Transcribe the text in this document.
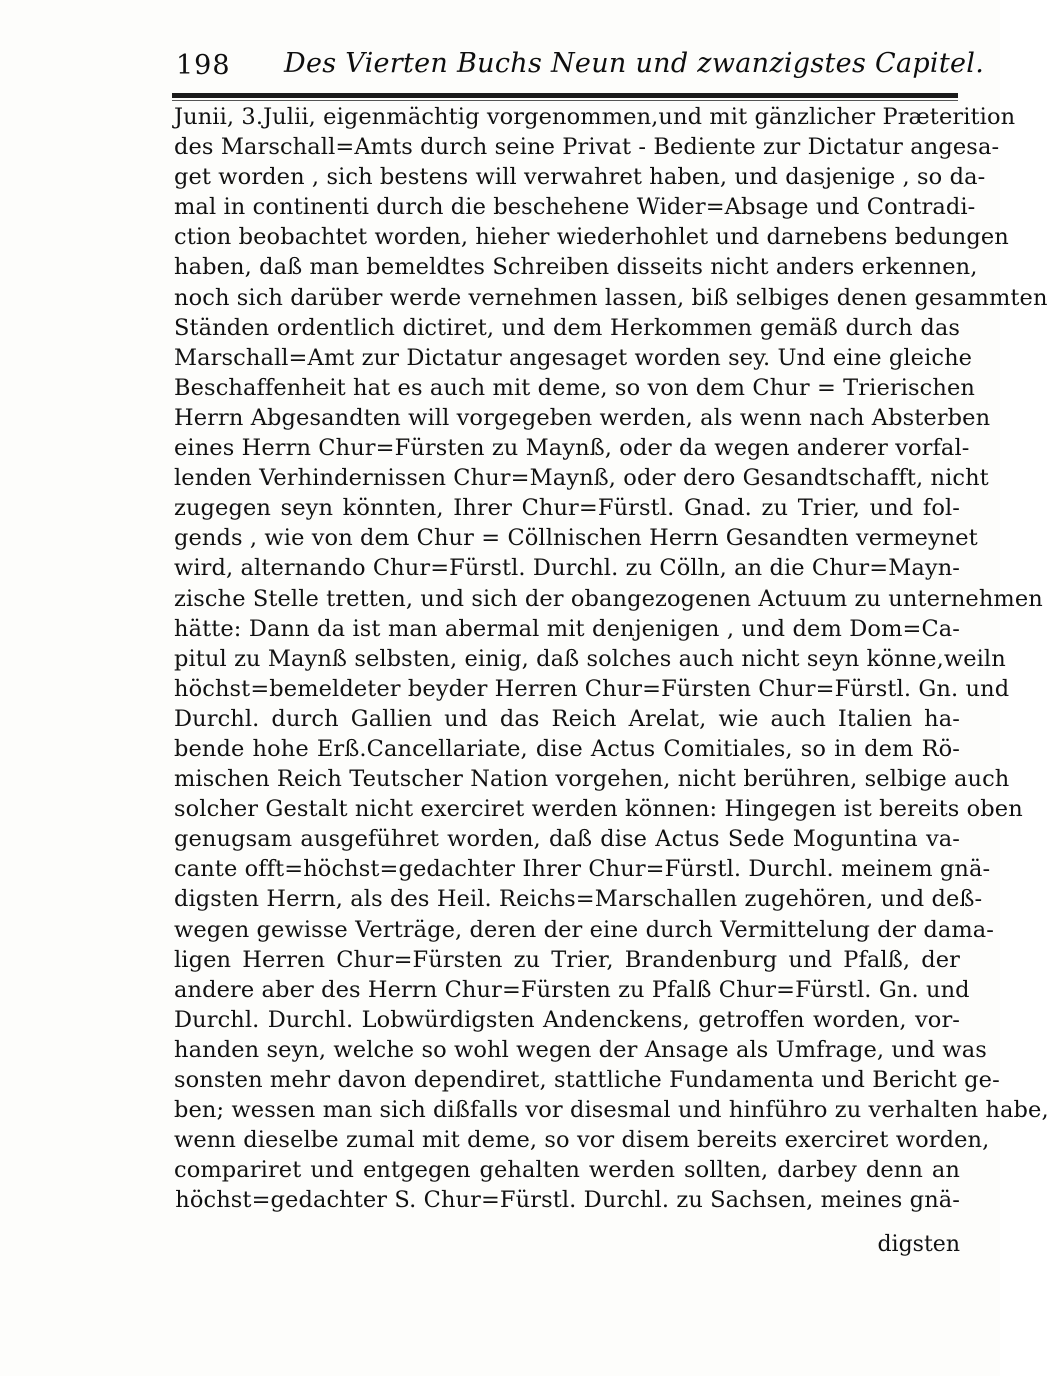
198 Des Vierten Buchs Neun und zwanzigstes Capitel.
Junii, 3.Julii, eigenmächtig vorgenommen,und mit gänzlicher Præterition
des Marschall=Amts durch seine Privat - Bediente zur Dictatur angesa-
get worden , sich bestens will verwahret haben, und dasjenige , so da-
mal in continenti durch die beschehene Wider=Absage und Contradi-
ction beobachtet worden, hieher wiederhohlet und darnebens bedungen
haben, daß man bemeldtes Schreiben disseits nicht anders erkennen,
noch sich darüber werde vernehmen lassen, biß selbiges denen gesammten
Ständen ordentlich dictiret, und dem Herkommen gemäß durch das
Marschall=Amt zur Dictatur angesaget worden sey. Und eine gleiche
Beschaffenheit hat es auch mit deme, so von dem Chur = Trierischen
Herrn Abgesandten will vorgegeben werden, als wenn nach Absterben
eines Herrn Chur=Fürsten zu Maynß, oder da wegen anderer vorfal-
lenden Verhindernissen Chur=Maynß, oder dero Gesandtschafft, nicht
zugegen seyn könnten, Ihrer Chur=Fürstl. Gnad. zu Trier, und fol-
gends , wie von dem Chur = Cöllnischen Herrn Gesandten vermeynet
wird, alternando Chur=Fürstl. Durchl. zu Cölln, an die Chur=Mayn-
zische Stelle tretten, und sich der obangezogenen Actuum zu unternehmen
hätte: Dann da ist man abermal mit denjenigen , und dem Dom=Ca-
pitul zu Maynß selbsten, einig, daß solches auch nicht seyn könne,weiln
höchst=bemeldeter beyder Herren Chur=Fürsten Chur=Fürstl. Gn. und
Durchl. durch Gallien und das Reich Arelat, wie auch Italien ha-
bende hohe Erß.Cancellariate, dise Actus Comitiales, so in dem Rö-
mischen Reich Teutscher Nation vorgehen, nicht berühren, selbige auch
solcher Gestalt nicht exerciret werden können: Hingegen ist bereits oben
genugsam ausgeführet worden, daß dise Actus Sede Moguntina va-
cante offt=höchst=gedachter Ihrer Chur=Fürstl. Durchl. meinem gnä-
digsten Herrn, als des Heil. Reichs=Marschallen zugehören, und deß-
wegen gewisse Verträge, deren der eine durch Vermittelung der dama-
ligen Herren Chur=Fürsten zu Trier, Brandenburg und Pfalß, der
andere aber des Herrn Chur=Fürsten zu Pfalß Chur=Fürstl. Gn. und
Durchl. Durchl. Lobwürdigsten Andenckens, getroffen worden, vor-
handen seyn, welche so wohl wegen der Ansage als Umfrage, und was
sonsten mehr davon dependiret, stattliche Fundamenta und Bericht ge-
ben; wessen man sich dißfalls vor disesmal und hinführo zu verhalten habe,
wenn dieselbe zumal mit deme, so vor disem bereits exerciret worden,
compariret und entgegen gehalten werden sollten, darbey denn an
höchst=gedachter S. Chur=Fürstl. Durchl. zu Sachsen, meines gnä-
digsten
